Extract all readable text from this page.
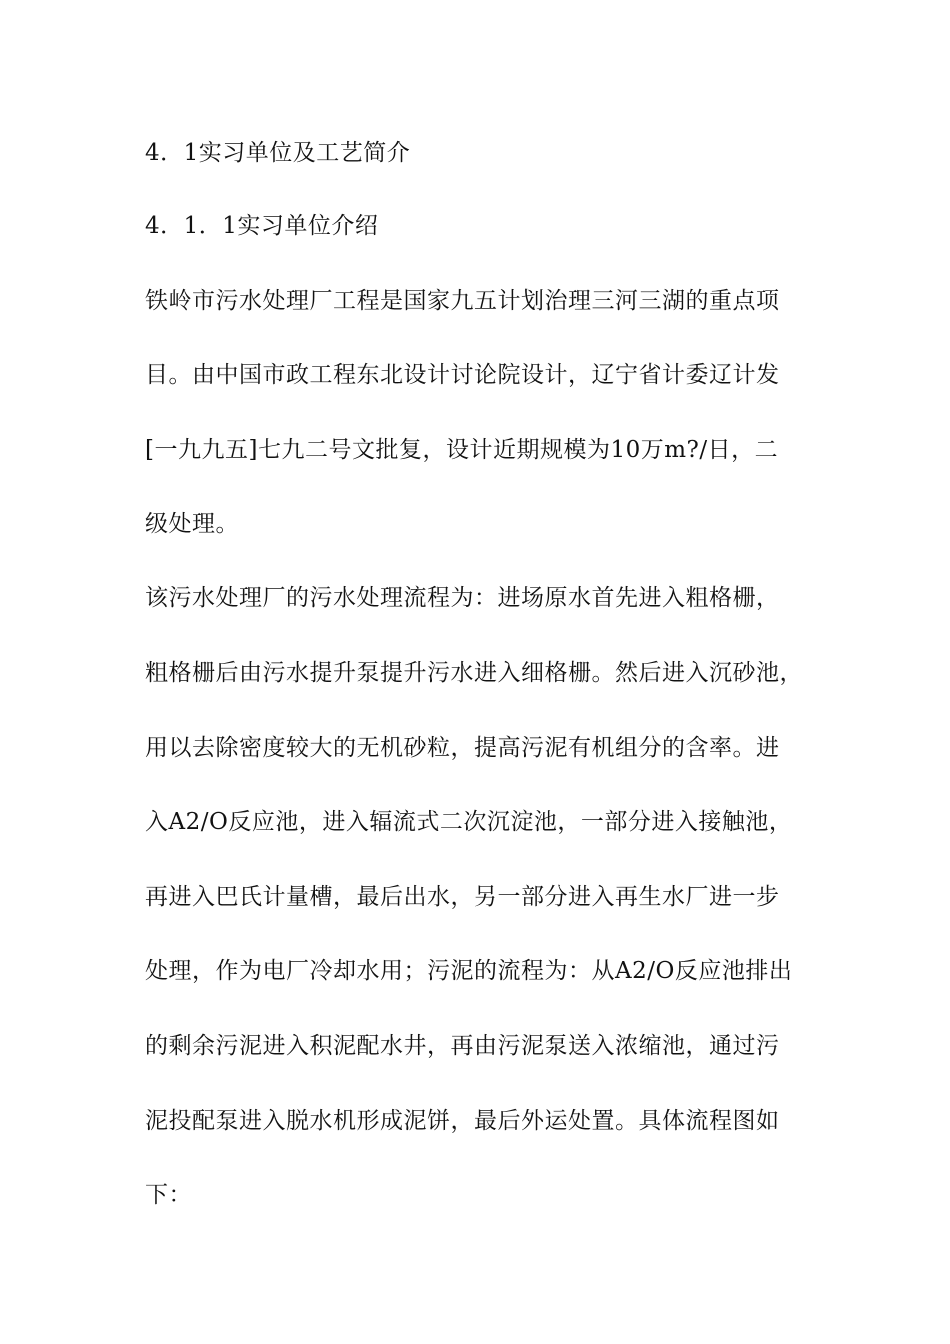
4．1实习单位及工艺简介
4．1．1实习单位介绍
铁岭市污水处理厂工程是国家九五计划治理三河三湖的重点项
目。由中国市政工程东北设计讨论院设计，辽宁省计委辽计发
[一九九五]七九二号文批复，设计近期规模为10万m?/日，二
级处理。
该污水处理厂的污水处理流程为：进场原水首先进入粗格栅，
粗格栅后由污水提升泵提升污水进入细格栅。然后进入沉砂池，
用以去除密度较大的无机砂粒，提高污泥有机组分的含率。进
入A2/O反应池，进入辐流式二次沉淀池，一部分进入接触池，
再进入巴氏计量槽，最后出水，另一部分进入再生水厂进一步
处理，作为电厂冷却水用；污泥的流程为：从A2/O反应池排出
的剩余污泥进入积泥配水井，再由污泥泵送入浓缩池，通过污
泥投配泵进入脱水机形成泥饼，最后外运处置。具体流程图如
下：
